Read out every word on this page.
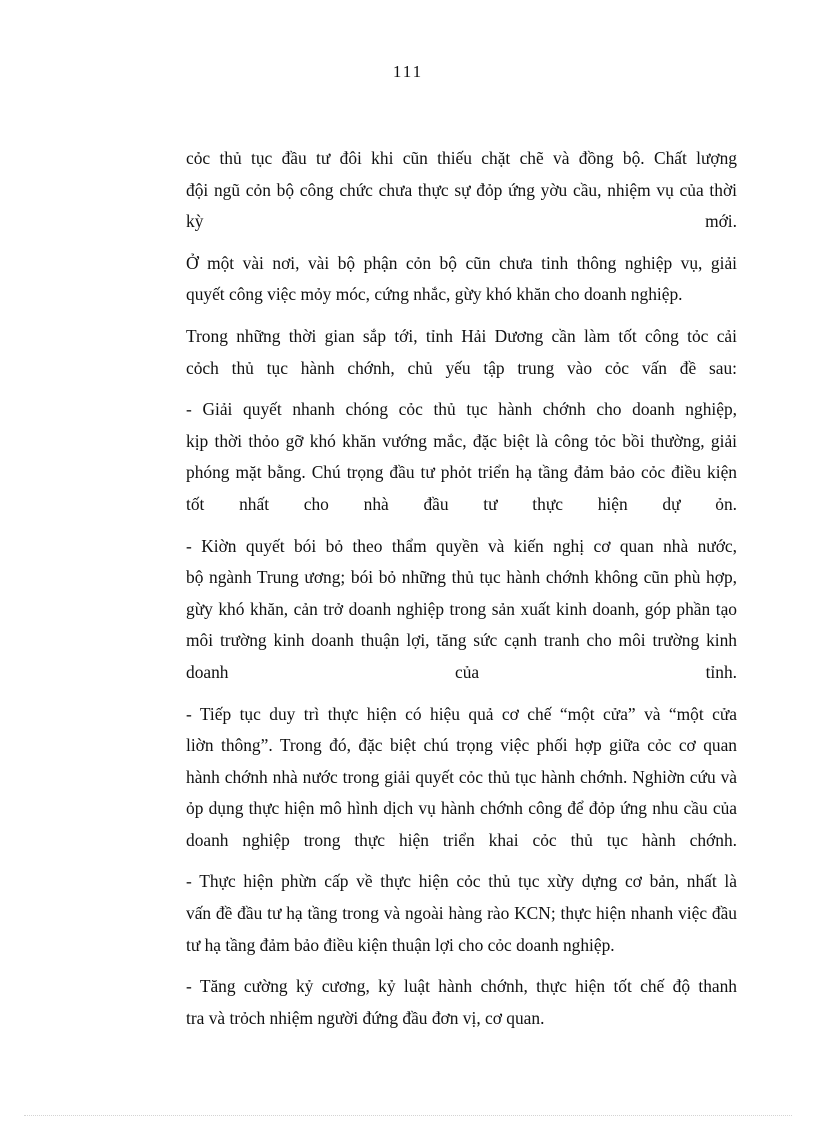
111
cỏc thủ tục đầu tư đôi khi cũn thiếu chặt chẽ và đồng bộ. Chất lượng
đội ngũ cỏn bộ công chức chưa thực sự đỏp ứng yờu cầu, nhiệm vụ của thời
kỳ mới.
Ở một vài nơi, vài bộ phận cỏn bộ cũn chưa tinh thông nghiệp vụ, giải
quyết công việc mỏy móc, cứng nhắc, gừy khó khăn cho doanh nghiệp.
Trong những thời gian sắp tới, tỉnh Hải Dương cần làm tốt công tỏc cải
cỏch thủ tục hành chớnh, chủ yếu tập trung vào cỏc vấn đề sau:
- Giải quyết nhanh chóng cỏc thủ tục hành chớnh cho doanh nghiệp,
kịp thời thỏo gỡ khó khăn vướng mắc, đặc biệt là công tỏc bồi thường, giải
phóng mặt bằng. Chú trọng đầu tư phỏt triển hạ tầng đảm bảo cỏc điều kiện
tốt nhất cho nhà đầu tư thực hiện dự ỏn.
- Kiờn quyết bói bỏ theo thẩm quyền và kiến nghị cơ quan nhà nước,
bộ ngành Trung ương; bói bỏ những thủ tục hành chớnh không cũn phù hợp,
gừy khó khăn, cản trở doanh nghiệp trong sản xuất kinh doanh, góp phần tạo
môi trường kinh doanh thuận lợi, tăng sức cạnh tranh cho môi trường kinh
doanh của tỉnh.
- Tiếp tục duy trì thực hiện có hiệu quả cơ chế “một cửa” và “một cửa
liờn thông”. Trong đó, đặc biệt chú trọng việc phối hợp giữa cỏc cơ quan
hành chớnh nhà nước trong giải quyết cỏc thủ tục hành chớnh. Nghiờn cứu và
ỏp dụng thực hiện mô hình dịch vụ hành chớnh công để đỏp ứng nhu cầu của
doanh nghiệp trong thực hiện triển khai cỏc thủ tục hành chớnh.
- Thực hiện phừn cấp về thực hiện cỏc thủ tục xừy dựng cơ bản, nhất là
vấn đề đầu tư hạ tầng trong và ngoài hàng rào KCN; thực hiện nhanh việc đầu
tư hạ tầng đảm bảo điều kiện thuận lợi cho cỏc doanh nghiệp.
- Tăng cường kỷ cương, kỷ luật hành chớnh, thực hiện tốt chế độ thanh
tra và trỏch nhiệm người đứng đầu đơn vị, cơ quan.
